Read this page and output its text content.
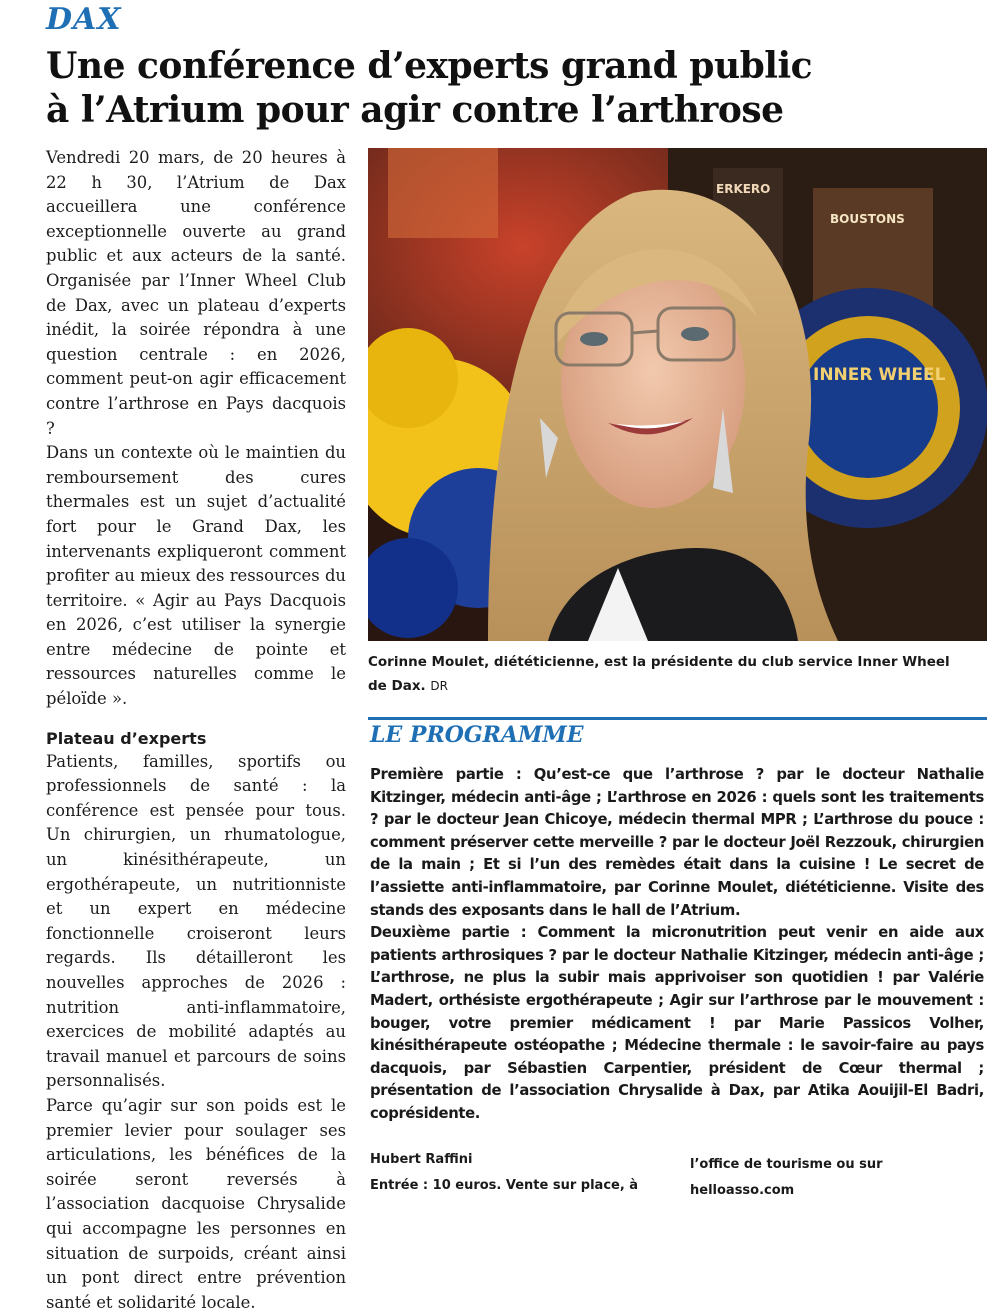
DAX
Une conférence d’experts grand public
à l’Atrium pour agir contre l’arthrose

Vendredi 20 mars, de 20 heures à 22 h 30, l’Atrium de Dax accueillera une conférence exceptionnelle ouverte au grand public et aux acteurs de la santé. Organisée par l’Inner Wheel Club de Dax, avec un plateau d’experts inédit, la soirée répondra à une question centrale : en 2026, comment peut-on agir efficacement contre l’arthrose en Pays dacquois ?

Dans un contexte où le maintien du remboursement des cures thermales est un sujet d’actualité fort pour le Grand Dax, les intervenants expliqueront comment profiter au mieux des ressources du territoire. « Agir au Pays Dacquois en 2026, c’est utiliser la synergie entre médecine de pointe et ressources naturelles comme le péloïde ».

Plateau d’experts

Patients, familles, sportifs ou professionnels de santé : la conférence est pensée pour tous. Un chirurgien, un rhumatologue, un kinésithérapeute, un ergothérapeute, un nutritionniste et un expert en médecine fonctionnelle croiseront leurs regards. Ils détailleront les nouvelles approches de 2026 : nutrition anti-inflammatoire, exercices de mobilité adaptés au travail manuel et parcours de soins personnalisés.

Parce qu’agir sur son poids est le premier levier pour soulager ses articulations, les bénéfices de la soirée seront reversés à l’association dacquoise Chrysalide qui accompagne les personnes en situation de surpoids, créant ainsi un pont direct entre prévention santé et solidarité locale.

INNER WHEEL
ERKERO
BOUSTONS
Corinne Moulet, diététicienne, est la présidente du club service Inner Wheel de Dax. DR
LE PROGRAMME

Première partie : Qu’est-ce que l’arthrose ? par le docteur Nathalie Kitzinger, médecin anti-âge ; L’arthrose en 2026 : quels sont les traitements ? par le docteur Jean Chicoye, médecin thermal MPR ; L’arthrose du pouce : comment préserver cette merveille ? par le docteur Joël Rezzouk, chirurgien de la main ; Et si l’un des remèdes était dans la cuisine ! Le secret de l’assiette anti-inflammatoire, par Corinne Moulet, diététicienne. Visite des stands des exposants dans le hall de l’Atrium.

Deuxième partie : Comment la micronutrition peut venir en aide aux patients arthrosiques ? par le docteur Nathalie Kitzinger, médecin anti-âge ; L’arthrose, ne plus la subir mais apprivoiser son quotidien ! par Valérie Madert, orthésiste ergothérapeute ; Agir sur l’arthrose par le mouvement : bouger, votre premier médicament ! par Marie Passicos Volher, kinésithérapeute ostéopathe ; Médecine thermale : le savoir-faire au pays dacquois, par Sébastien Carpentier, président de Cœur thermal ; présentation de l’association Chrysalide à Dax, par Atika Aouijil-El Badri, coprésidente.

Hubert Raffini
Entrée : 10 euros. Vente sur place, à
l’office de tourisme ou sur
helloasso.com
